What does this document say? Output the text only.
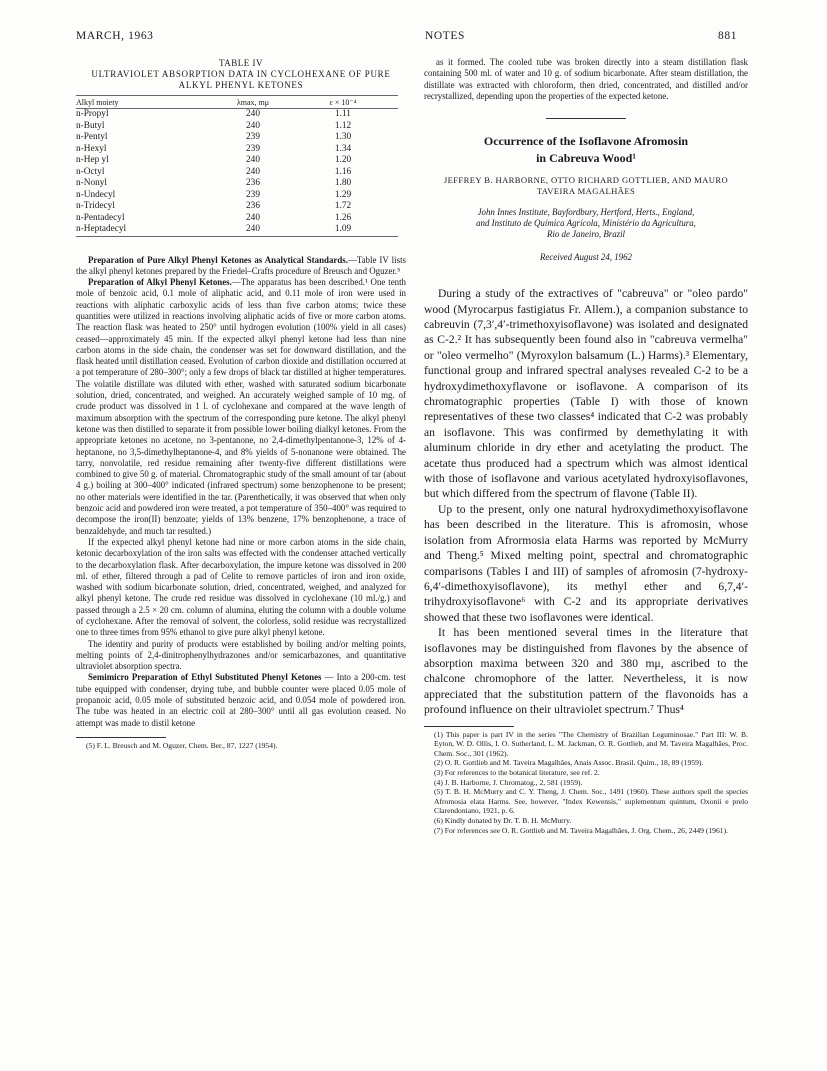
MARCH, 1963	NOTES	881
TABLE IV
ULTRAVIOLET ABSORPTION DATA IN CYCLOHEXANE OF PURE ALKYL PHENYL KETONES
Alkyl moiety	λmax, mμ	ε × 10⁻⁴
n-Propyl	240	1.11
n-Butyl	240	1.12
n-Pentyl	239	1.30
n-Hexyl	239	1.34
n-Hep yl	240	1.20
n-Octyl	240	1.16
n-Nonyl	236	1.80
n-Undecyl	239	1.29
n-Tridecyl	236	1.72
n-Pentadecyl	240	1.26
n-Heptadecyl	240	1.09

Preparation of Pure Alkyl Phenyl Ketones as Analytical Standards.—Table IV lists the alkyl phenyl ketones prepared by the Friedel–Crafts procedure of Breusch and Oguzer.⁵

Preparation of Alkyl Phenyl Ketones.—The apparatus has been described.¹ One tenth mole of benzoic acid, 0.1 mole of aliphatic acid, and 0.11 mole of iron were used in reactions with aliphatic carboxylic acids of less than five carbon atoms; twice these quantities were utilized in reactions involving aliphatic acids of five or more carbon atoms. The reaction flask was heated to 250° until hydrogen evolution (100% yield in all cases) ceased—approximately 45 min. If the expected alkyl phenyl ketone had less than nine carbon atoms in the side chain, the condenser was set for downward distillation, and the flask heated until distillation ceased. Evolution of carbon dioxide and distillation occurred at a pot temperature of 280–300°; only a few drops of black tar distilled at higher temperatures. The volatile distillate was diluted with ether, washed with saturated sodium bicarbonate solution, dried, concentrated, and weighed. An accurately weighed sample of 10 mg. of crude product was dissolved in 1 l. of cyclohexane and compared at the wave length of maximum absorption with the spectrum of the corresponding pure ketone. The alkyl phenyl ketone was then distilled to separate it from possible lower boiling dialkyl ketones. From the appropriate ketones no acetone, no 3-pentanone, no 2,4-dimethylpentanone-3, 12% of 4-heptanone, no 3,5-dimethylheptanone-4, and 8% yields of 5-nonanone were obtained. The tarry, nonvolatile, red residue remaining after twenty-five different distillations were combined to give 50 g. of material. Chromatographic study of the small amount of tar (about 4 g.) boiling at 300–400° indicated (infrared spectrum) some benzophenone to be present; no other materials were identified in the tar. (Parenthetically, it was observed that when only benzoic acid and powdered iron were treated, a pot temperature of 350–400° was required to decompose the iron(II) benzoate; yields of 13% benzene, 17% benzophenone, a trace of benzaldehyde, and much tar resulted.)

If the expected alkyl phenyl ketone had nine or more carbon atoms in the side chain, ketonic decarboxylation of the iron salts was effected with the condenser attached vertically to the decarboxylation flask. After decarboxylation, the impure ketone was dissolved in 200 ml. of ether, filtered through a pad of Celite to remove particles of iron and iron oxide, washed with sodium bicarbonate solution, dried, concentrated, weighed, and analyzed for alkyl phenyl ketone. The crude red residue was dissolved in cyclohexane (10 ml./g.) and passed through a 2.5 × 20 cm. column of alumina, eluting the column with a double volume of cyclohexane. After the removal of solvent, the colorless, solid residue was recrystallized one to three times from 95% ethanol to give pure alkyl phenyl ketone.

The identity and purity of products were established by boiling and/or melting points, melting points of 2,4-dinitrophenylhydrazones and/or semicarbazones, and quantitative ultraviolet absorption spectra.

Semimicro Preparation of Ethyl Substituted Phenyl Ketones — Into a 200-cm. test tube equipped with condenser, drying tube, and bubble counter were placed 0.05 mole of propanoic acid, 0.05 mole of substituted benzoic acid, and 0.054 mole of powdered iron. The tube was heated in an electric coil at 280–300° until all gas evolution ceased. No attempt was made to distil ketone

(5) F. L. Breusch and M. Oguzer, Chem. Ber., 87, 1227 (1954).

as it formed. The cooled tube was broken directly into a steam distillation flask containing 500 ml. of water and 10 g. of sodium bicarbonate. After steam distillation, the distillate was extracted with chloroform, then dried, concentrated, and distilled and/or recrystallized, depending upon the properties of the expected ketone.

Occurrence of the Isoflavone Afromosin
in Cabreuva Wood¹
JEFFREY B. HARBORNE, OTTO RICHARD GOTTLIEB, AND MAURO
TAVEIRA MAGALHÃES
John Innes Institute, Bayfordbury, Hertford, Herts., England,
and Instituto de Química Agrícola, Ministério da Agricultura,
Rio de Janeiro, Brazil
Received August 24, 1962

During a study of the extractives of "cabreuva" or "oleo pardo" wood (Myrocarpus fastigiatus Fr. Allem.), a companion substance to cabreuvin (7,3′,4′-trimethoxyisoflavone) was isolated and designated as C-2.² It has subsequently been found also in "cabreuva vermelha" or "oleo vermelho" (Myroxylon balsamum (L.) Harms).³ Elementary, functional group and infrared spectral analyses revealed C-2 to be a hydroxydimethoxyflavone or isoflavone. A comparison of its chromatographic properties (Table I) with those of known representatives of these two classes⁴ indicated that C-2 was probably an isoflavone. This was confirmed by demethylating it with aluminum chloride in dry ether and acetylating the product. The acetate thus produced had a spectrum which was almost identical with those of isoflavone and various acetylated hydroxyisoflavones, but which differed from the spectrum of flavone (Table II).

Up to the present, only one natural hydroxydimethoxyisoflavone has been described in the literature. This is afromosin, whose isolation from Afrormosia elata Harms was reported by McMurry and Theng.⁵ Mixed melting point, spectral and chromatographic comparisons (Tables I and III) of samples of afromosin (7-hydroxy-6,4′-dimethoxyisoflavone), its methyl ether and 6,7,4′-trihydroxyisoflavone⁶ with C-2 and its appropriate derivatives showed that these two isoflavones were identical.

It has been mentioned several times in the literature that isoflavones may be distinguished from flavones by the absence of absorption maxima between 320 and 380 mμ, ascribed to the chalcone chromophore of the latter. Nevertheless, it is now appreciated that the substitution pattern of the flavonoids has a profound influence on their ultraviolet spectrum.⁷ Thus⁴

(1) This paper is part IV in the series "The Chemistry of Brazilian Leguminosae." Part III: W. B. Eyton, W. D. Ollis, I. O. Sutherland, L. M. Jackman, O. R. Gottlieb, and M. Taveira Magalhães, Proc. Chem. Soc., 301 (1962).

(2) O. R. Gottlieb and M. Taveira Magalhães, Anais Assoc. Brasil. Quím., 18, 89 (1959).

(3) For references to the botanical literature, see ref. 2.

(4) J. B. Harborne, J. Chromatog., 2, 581 (1959).

(5) T. B. H. McMurry and C. Y. Theng, J. Chem. Soc., 1491 (1960). These authors spell the species Afromosia elata Harms. See, however, "Index Kewensis," suplementum quintum, Oxonii e prelo Clarendoniano, 1921, p. 6.

(6) Kindly donated by Dr. T. B. H. McMurry.

(7) For references see O. R. Gottlieb and M. Taveira Magalhães, J. Org. Chem., 26, 2449 (1961).
